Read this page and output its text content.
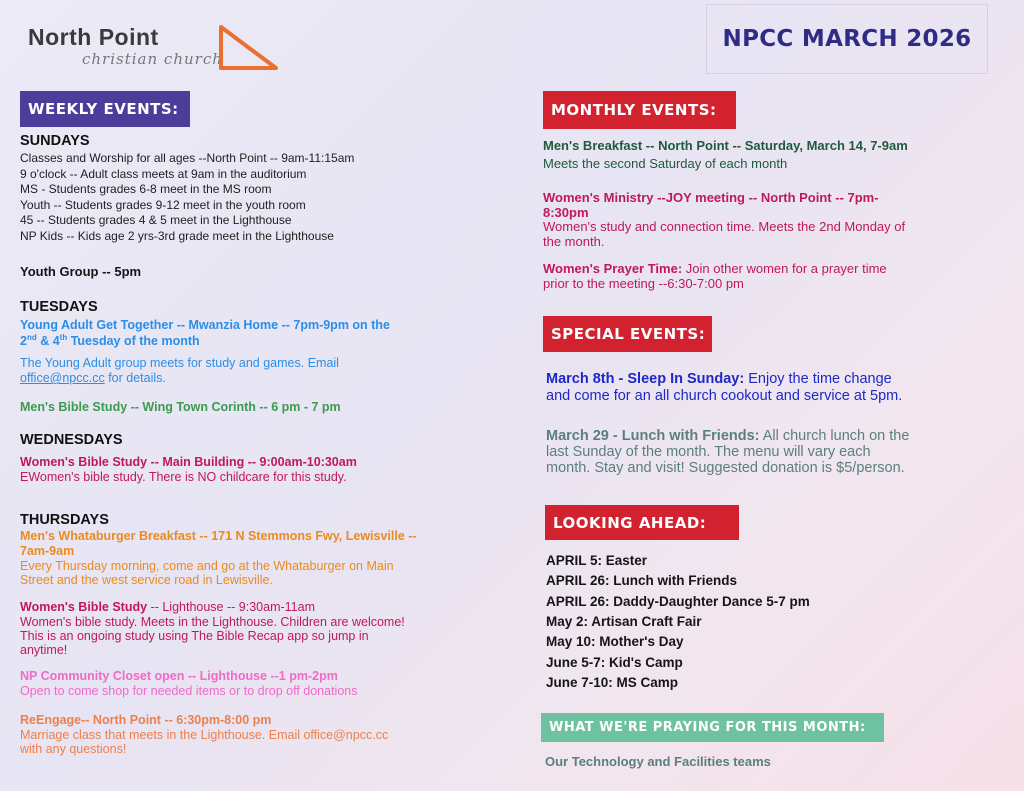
North Point
christian church
NPCC MARCH 2026
WEEKLY EVENTS:
SUNDAYS
Classes and Worship for all ages --North Point -- 9am-11:15am
9 o'clock -- Adult class meets at 9am in the auditorium
MS - Students grades 6-8 meet in the MS room
Youth -- Students grades 9-12 meet in the youth room
45 -- Students grades 4 & 5 meet in the Lighthouse
NP Kids -- Kids age 2 yrs-3rd grade meet in the Lighthouse
Youth Group -- 5pm
TUESDAYS
Young Adult Get Together -- Mwanzia Home -- 7pm-9pm on the
2nd & 4th Tuesday of the month
The Young Adult group meets for study and games. Email
office@npcc.cc for details.
Men's Bible Study -- Wing Town Corinth -- 6 pm - 7 pm
WEDNESDAYS
Women's Bible Study -- Main Building -- 9:00am-10:30am
EWomen's bible study. There is NO childcare for this study.
THURSDAYS
Men's Whataburger Breakfast -- 171 N Stemmons Fwy, Lewisville --
7am-9am
Every Thursday morning, come and go at the Whataburger on Main
Street and the west service road in Lewisville.
Women's Bible Study -- Lighthouse -- 9:30am-11am
Women's bible study. Meets in the Lighthouse. Children are welcome!
This is an ongoing study using The Bible Recap app so jump in
anytime!
NP Community Closet open -- Lighthouse --1 pm-2pm
Open to come shop for needed items or to drop off donations
ReEngage-- North Point -- 6:30pm-8:00 pm
Marriage class that meets in the Lighthouse. Email office@npcc.cc
with any questions!
MONTHLY EVENTS:
Men's Breakfast -- North Point -- Saturday, March 14, 7-9am
Meets the second Saturday of each month
Women's Ministry --JOY meeting -- North Point -- 7pm-
8:30pm
Women's study and connection time. Meets the 2nd Monday of
the month.
Women's Prayer Time: Join other women for a prayer time
prior to the meeting --6:30-7:00 pm
SPECIAL EVENTS:
March 8th - Sleep In Sunday: Enjoy the time change
and come for an all church cookout and service at 5pm.
March 29 - Lunch with Friends: All church lunch on the
last Sunday of the month. The menu will vary each
month. Stay and visit! Suggested donation is $5/person.
LOOKING AHEAD:
APRIL 5: Easter
APRIL 26: Lunch with Friends
APRIL 26: Daddy-Daughter Dance 5-7 pm
May 2: Artisan Craft Fair
May 10: Mother's Day
June 5-7: Kid's Camp
June 7-10: MS Camp
WHAT WE'RE PRAYING FOR THIS MONTH:
Our Technology and Facilities teams
